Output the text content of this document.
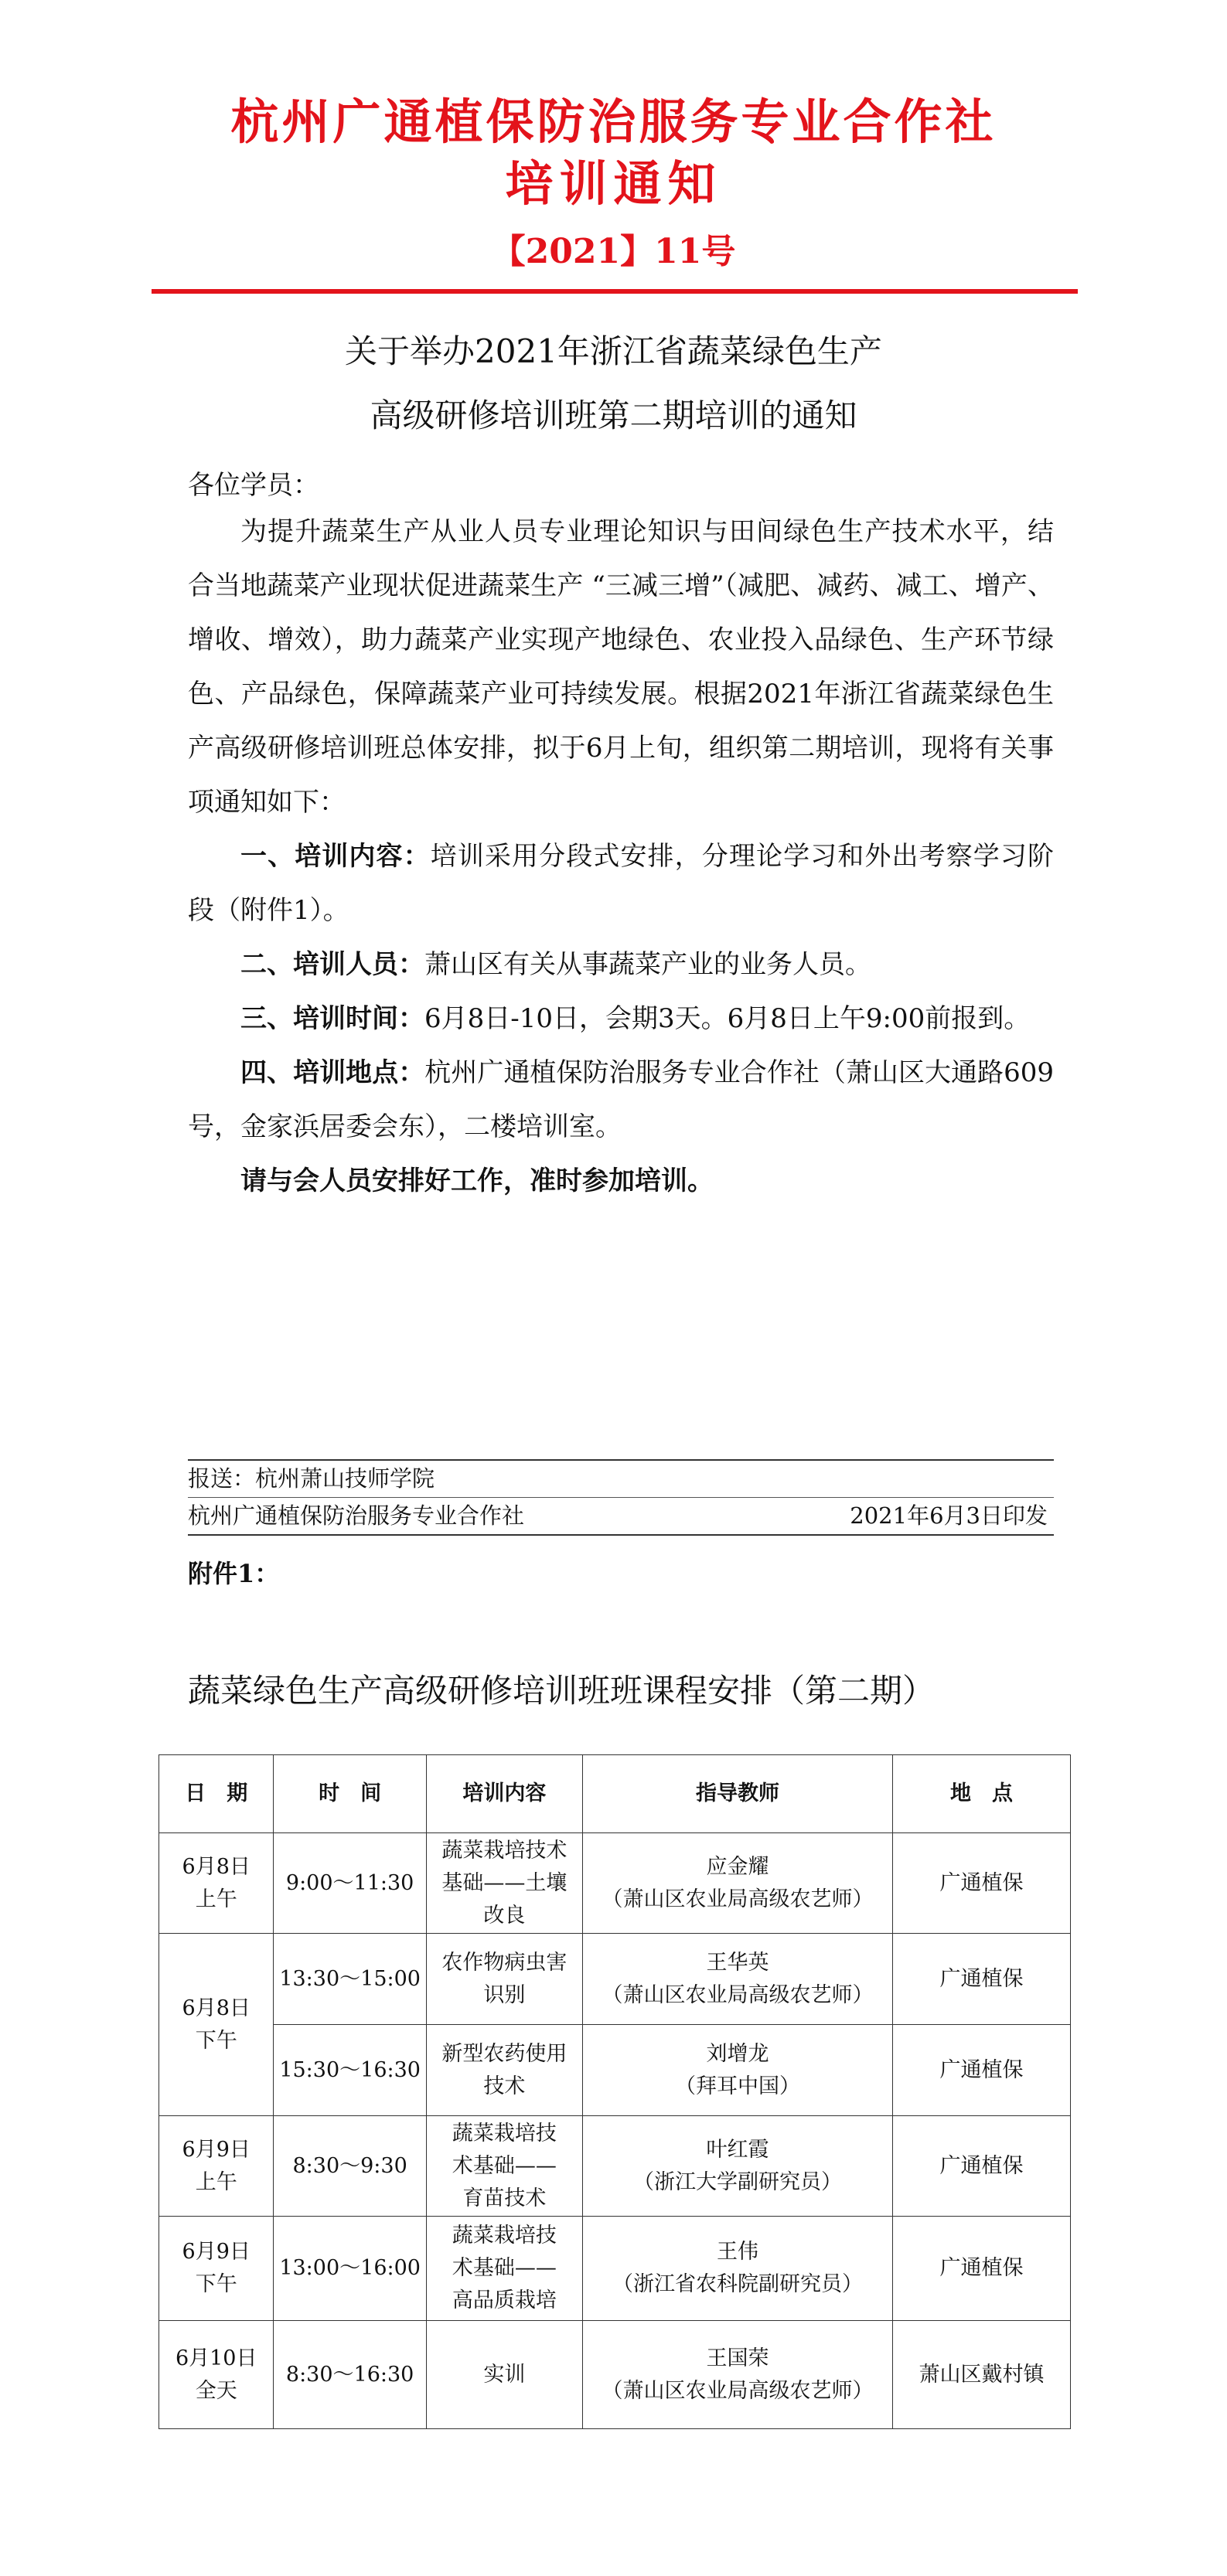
杭州广通植保防治服务专业合作社
培训通知
【2021】11号
关于举办2021年浙江省蔬菜绿色生产
高级研修培训班第二期培训的通知
各位学员：

为提升蔬菜生产从业人员专业理论知识与田间绿色生产技术水平，结合当地蔬菜产业现状促进蔬菜生产 “三减三增”（减肥、减药、减工、增产、增收、增效），助力蔬菜产业实现产地绿色、农业投入品绿色、生产环节绿色、产品绿色，保障蔬菜产业可持续发展。根据2021年浙江省蔬菜绿色生产高级研修培训班总体安排，拟于6月上旬，组织第二期培训，现将有关事项通知如下：

一、培训内容：培训采用分段式安排，分理论学习和外出考察学习阶段（附件1）。

二、培训人员：萧山区有关从事蔬菜产业的业务人员。

三、培训时间：6月8日-10日，会期3天。6月8日上午9:00前报到。

四、培训地点：杭州广通植保防治服务专业合作社（萧山区大通路609号，金家浜居委会东），二楼培训室。

请与会人员安排好工作，准时参加培训。

报送：杭州萧山技师学院
杭州广通植保防治服务专业合作社	2021年6月3日印发
附件1：
蔬菜绿色生产高级研修培训班班课程安排（第二期）
日　期	时　间	培训内容	指导教师	地　点

6月8日
上午	9:00～11:30	蔬菜栽培技术
基础——土壤
改良	应金耀
（萧山区农业局高级农艺师）	广通植保

6月8日
下午	13:30～15:00	农作物病虫害
识别	王华英
（萧山区农业局高级农艺师）	广通植保
	15:30～16:30	新型农药使用
技术	刘增龙
（拜耳中国）	广通植保

6月9日
上午	8:30～9:30	蔬菜栽培技
术基础——
育苗技术	叶红霞
（浙江大学副研究员）	广通植保

6月9日
下午	13:00～16:00	蔬菜栽培技
术基础——
高品质栽培	王伟
（浙江省农科院副研究员）	广通植保

6月10日
全天	8:30～16:30	实训	王国荣
（萧山区农业局高级农艺师）	萧山区戴村镇
